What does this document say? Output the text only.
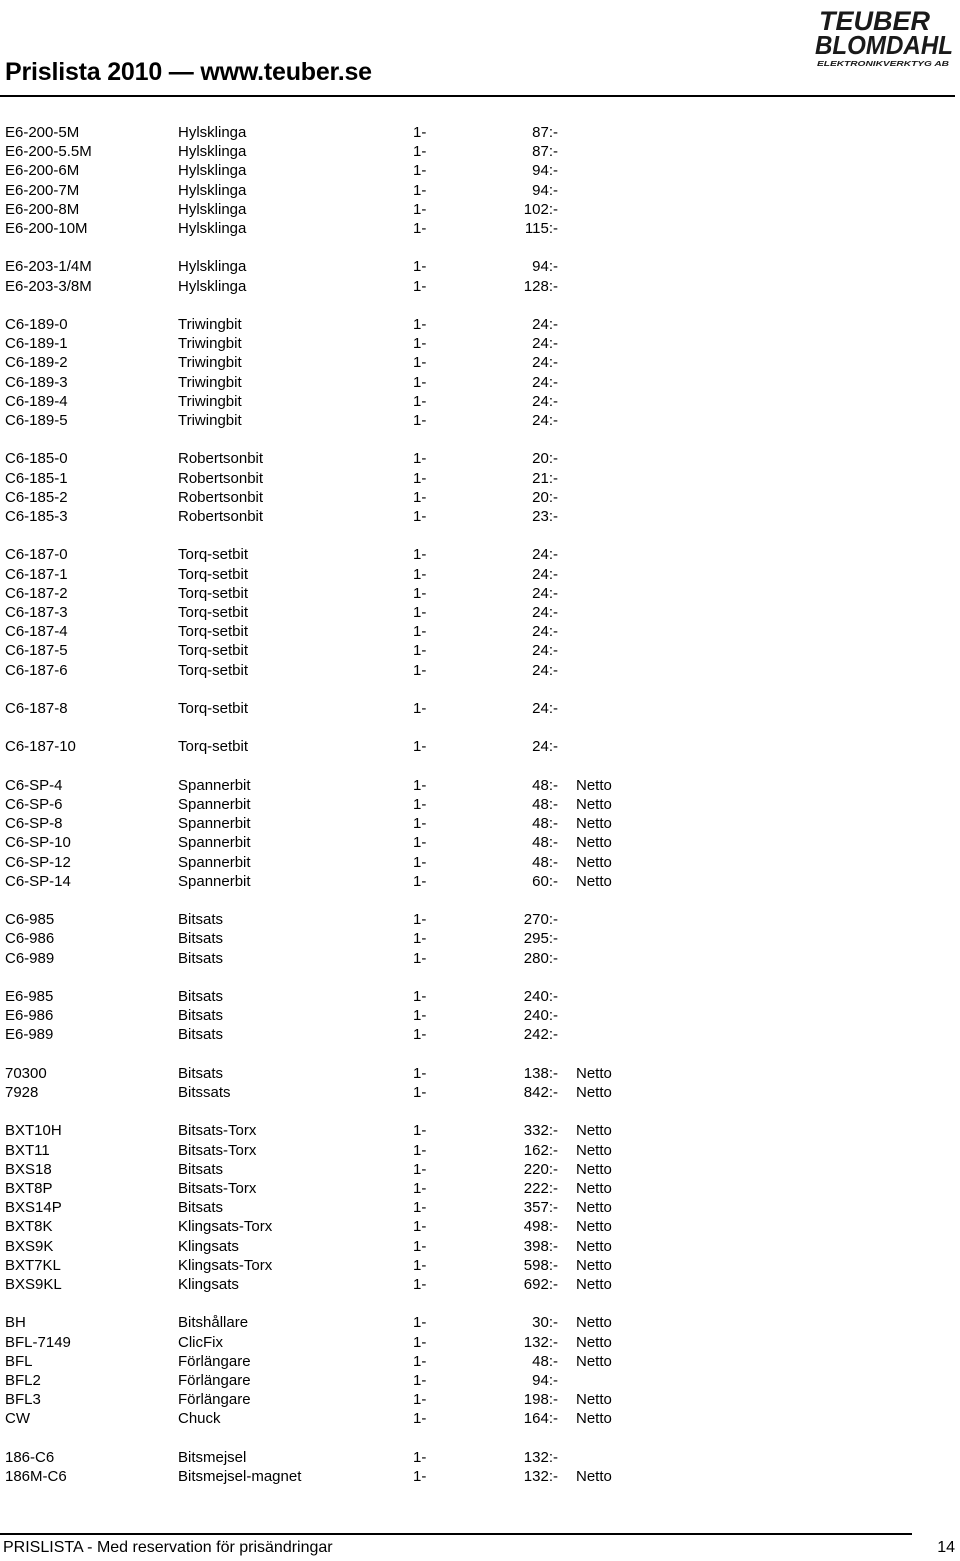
Prislista 2010 — www.teuber.se
TEUBER
BLOMDAHL
ELEKTRONIKVERKTYG AB
E6-200-5M	Hylsklinga	1-	87:-
E6-200-5.5M	Hylsklinga	1-	87:-
E6-200-6M	Hylsklinga	1-	94:-
E6-200-7M	Hylsklinga	1-	94:-
E6-200-8M	Hylsklinga	1-	102:-
E6-200-10M	Hylsklinga	1-	115:-
E6-203-1/4M	Hylsklinga	1-	94:-
E6-203-3/8M	Hylsklinga	1-	128:-
C6-189-0	Triwingbit	1-	24:-
C6-189-1	Triwingbit	1-	24:-
C6-189-2	Triwingbit	1-	24:-
C6-189-3	Triwingbit	1-	24:-
C6-189-4	Triwingbit	1-	24:-
C6-189-5	Triwingbit	1-	24:-
C6-185-0	Robertsonbit	1-	20:-
C6-185-1	Robertsonbit	1-	21:-
C6-185-2	Robertsonbit	1-	20:-
C6-185-3	Robertsonbit	1-	23:-
C6-187-0	Torq-setbit	1-	24:-
C6-187-1	Torq-setbit	1-	24:-
C6-187-2	Torq-setbit	1-	24:-
C6-187-3	Torq-setbit	1-	24:-
C6-187-4	Torq-setbit	1-	24:-
C6-187-5	Torq-setbit	1-	24:-
C6-187-6	Torq-setbit	1-	24:-
C6-187-8	Torq-setbit	1-	24:-
C6-187-10	Torq-setbit	1-	24:-
C6-SP-4	Spannerbit	1-	48:- Netto
C6-SP-6	Spannerbit	1-	48:- Netto
C6-SP-8	Spannerbit	1-	48:- Netto
C6-SP-10	Spannerbit	1-	48:- Netto
C6-SP-12	Spannerbit	1-	48:- Netto
C6-SP-14	Spannerbit	1-	60:- Netto
C6-985	Bitsats	1-	270:-
C6-986	Bitsats	1-	295:-
C6-989	Bitsats	1-	280:-
E6-985	Bitsats	1-	240:-
E6-986	Bitsats	1-	240:-
E6-989	Bitsats	1-	242:-
70300	Bitsats	1-	138:- Netto
7928	Bitssats	1-	842:- Netto
BXT10H	Bitsats-Torx	1-	332:- Netto
BXT11	Bitsats-Torx	1-	162:- Netto
BXS18	Bitsats	1-	220:- Netto
BXT8P	Bitsats-Torx	1-	222:- Netto
BXS14P	Bitsats	1-	357:- Netto
BXT8K	Klingsats-Torx	1-	498:- Netto
BXS9K	Klingsats	1-	398:- Netto
BXT7KL	Klingsats-Torx	1-	598:- Netto
BXS9KL	Klingsats	1-	692:- Netto
BH	Bitshållare	1-	30:- Netto
BFL-7149	ClicFix	1-	132:- Netto
BFL	Förlängare	1-	48:- Netto
BFL2	Förlängare	1-	94:-
BFL3	Förlängare	1-	198:- Netto
CW	Chuck	1-	164:- Netto
186-C6	Bitsmejsel	1-	132:-
186M-C6	Bitsmejsel-magnet	1-	132:- Netto
PRISLISTA - Med reservation för prisändringar	14
